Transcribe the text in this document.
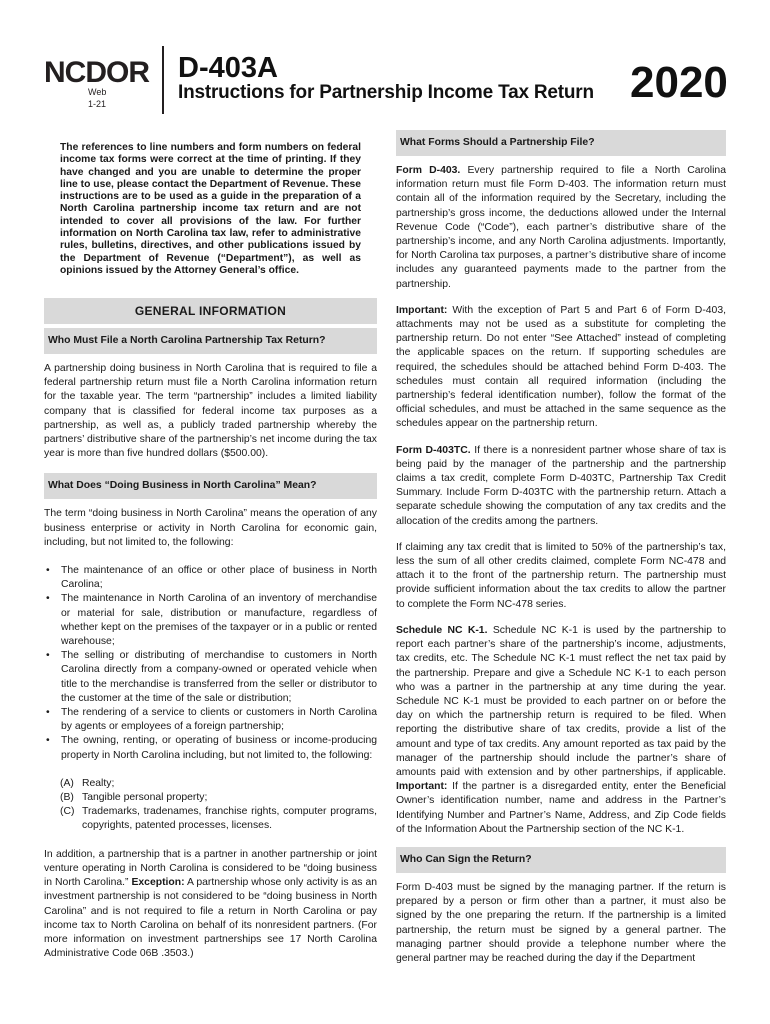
NCDOR
Web
1-21
D-403A
Instructions for Partnership Income Tax Return 2020
The references to line numbers and form numbers on federal income tax forms were correct at the time of printing. If they have changed and you are unable to determine the proper line to use, please contact the Department of Revenue. These instructions are to be used as a guide in the preparation of a North Carolina partnership income tax return and are not intended to cover all provisions of the law. For further information on North Carolina tax law, refer to administrative rules, bulletins, directives, and other publications issued by the Department of Revenue (“Department”), as well as opinions issued by the Attorney General’s office.
GENERAL INFORMATION
Who Must File a North Carolina Partnership Tax Return?

A partnership doing business in North Carolina that is required to file a federal partnership return must file a North Carolina information return for the taxable year. The term “partnership” includes a limited liability company that is classified for federal income tax purposes as a partnership, as well as, a publicly traded partnership whereby the partners’ distributive share of the partnership’s net income during the tax year is more than five hundred dollars ($500.00).

What Does “Doing Business in North Carolina” Mean?

The term “doing business in North Carolina” means the operation of any business enterprise or activity in North Carolina for economic gain, including, but not limited to, the following:

• The maintenance of an office or other place of business in North Carolina;
• The maintenance in North Carolina of an inventory of merchandise or material for sale, distribution or manufacture, regardless of whether kept on the premises of the taxpayer or in a public or rented warehouse;
• The selling or distributing of merchandise to customers in North Carolina directly from a company-owned or operated vehicle when title to the merchandise is transferred from the seller or distributor to the customer at the time of the sale or distribution;
• The rendering of a service to clients or customers in North Carolina by agents or employees of a foreign partnership;
• The owning, renting, or operating of business or income-producing property in North Carolina including, but not limited to, the following:
(A) Realty;
(B) Tangible personal property;
(C) Trademarks, tradenames, franchise rights, computer programs, copyrights, patented processes, licenses.

In addition, a partnership that is a partner in another partnership or joint venture operating in North Carolina is considered to be “doing business in North Carolina.” Exception: A partnership whose only activity is as an investment partnership is not considered to be “doing business in North Carolina” and is not required to file a return in North Carolina or pay income tax to North Carolina on behalf of its nonresident partners. (For more information on investment partnerships see 17 North Carolina Administrative Code 06B .3503.)

What Forms Should a Partnership File?

Form D-403. Every partnership required to file a North Carolina information return must file Form D-403. The information return must contain all of the information required by the Secretary, including the partnership’s gross income, the deductions allowed under the Internal Revenue Code (“Code”), each partner’s distributive share of the partnership’s income, and any North Carolina adjustments. Importantly, for North Carolina tax purposes, a partner’s distributive share of income includes any guaranteed payments made to the partner from the partnership.

Important: With the exception of Part 5 and Part 6 of Form D-403, attachments may not be used as a substitute for completing the partnership return. Do not enter “See Attached” instead of completing the applicable spaces on the return. If supporting schedules are required, the schedules should be attached behind Form D-403. The schedules must contain all required information (including the partnership’s federal identification number), follow the format of the official schedules, and must be attached in the same sequence as the schedules appear on the partnership return.

Form D-403TC. If there is a nonresident partner whose share of tax is being paid by the manager of the partnership and the partnership claims a tax credit, complete Form D-403TC, Partnership Tax Credit Summary. Include Form D-403TC with the partnership return. Attach a separate schedule showing the computation of any tax credits and the allocation of the credits among the partners.

If claiming any tax credit that is limited to 50% of the partnership’s tax, less the sum of all other credits claimed, complete Form NC-478 and attach it to the front of the partnership return. The partnership must provide sufficient information about the tax credits to allow the partner to complete the Form NC-478 series.

Schedule NC K-1. Schedule NC K-1 is used by the partnership to report each partner’s share of the partnership’s income, adjustments, tax credits, etc. The Schedule NC K-1 must reflect the net tax paid by the partnership. Prepare and give a Schedule NC K-1 to each person who was a partner in the partnership at any time during the year. Schedule NC K-1 must be provided to each partner on or before the day on which the partnership return is required to be filed. When reporting the distributive share of tax credits, provide a list of the amount and type of tax credits. Any amount reported as tax paid by the manager of the partnership should include the partner’s share of amounts paid with extension and by other partnerships, if applicable. Important: If the partner is a disregarded entity, enter the Beneficial Owner’s identification number, name and address in the Partner’s Identifying Number and Partner’s Name, Address, and Zip Code fields of the Information About the Partnership section of the NC K-1.

Who Can Sign the Return?

Form D-403 must be signed by the managing partner. If the return is prepared by a person or firm other than a partner, it must also be signed by the one preparing the return. If the partnership is a limited partnership, the return must be signed by a general partner. The managing partner should provide a telephone number where the general partner may be reached during the day if the Department
